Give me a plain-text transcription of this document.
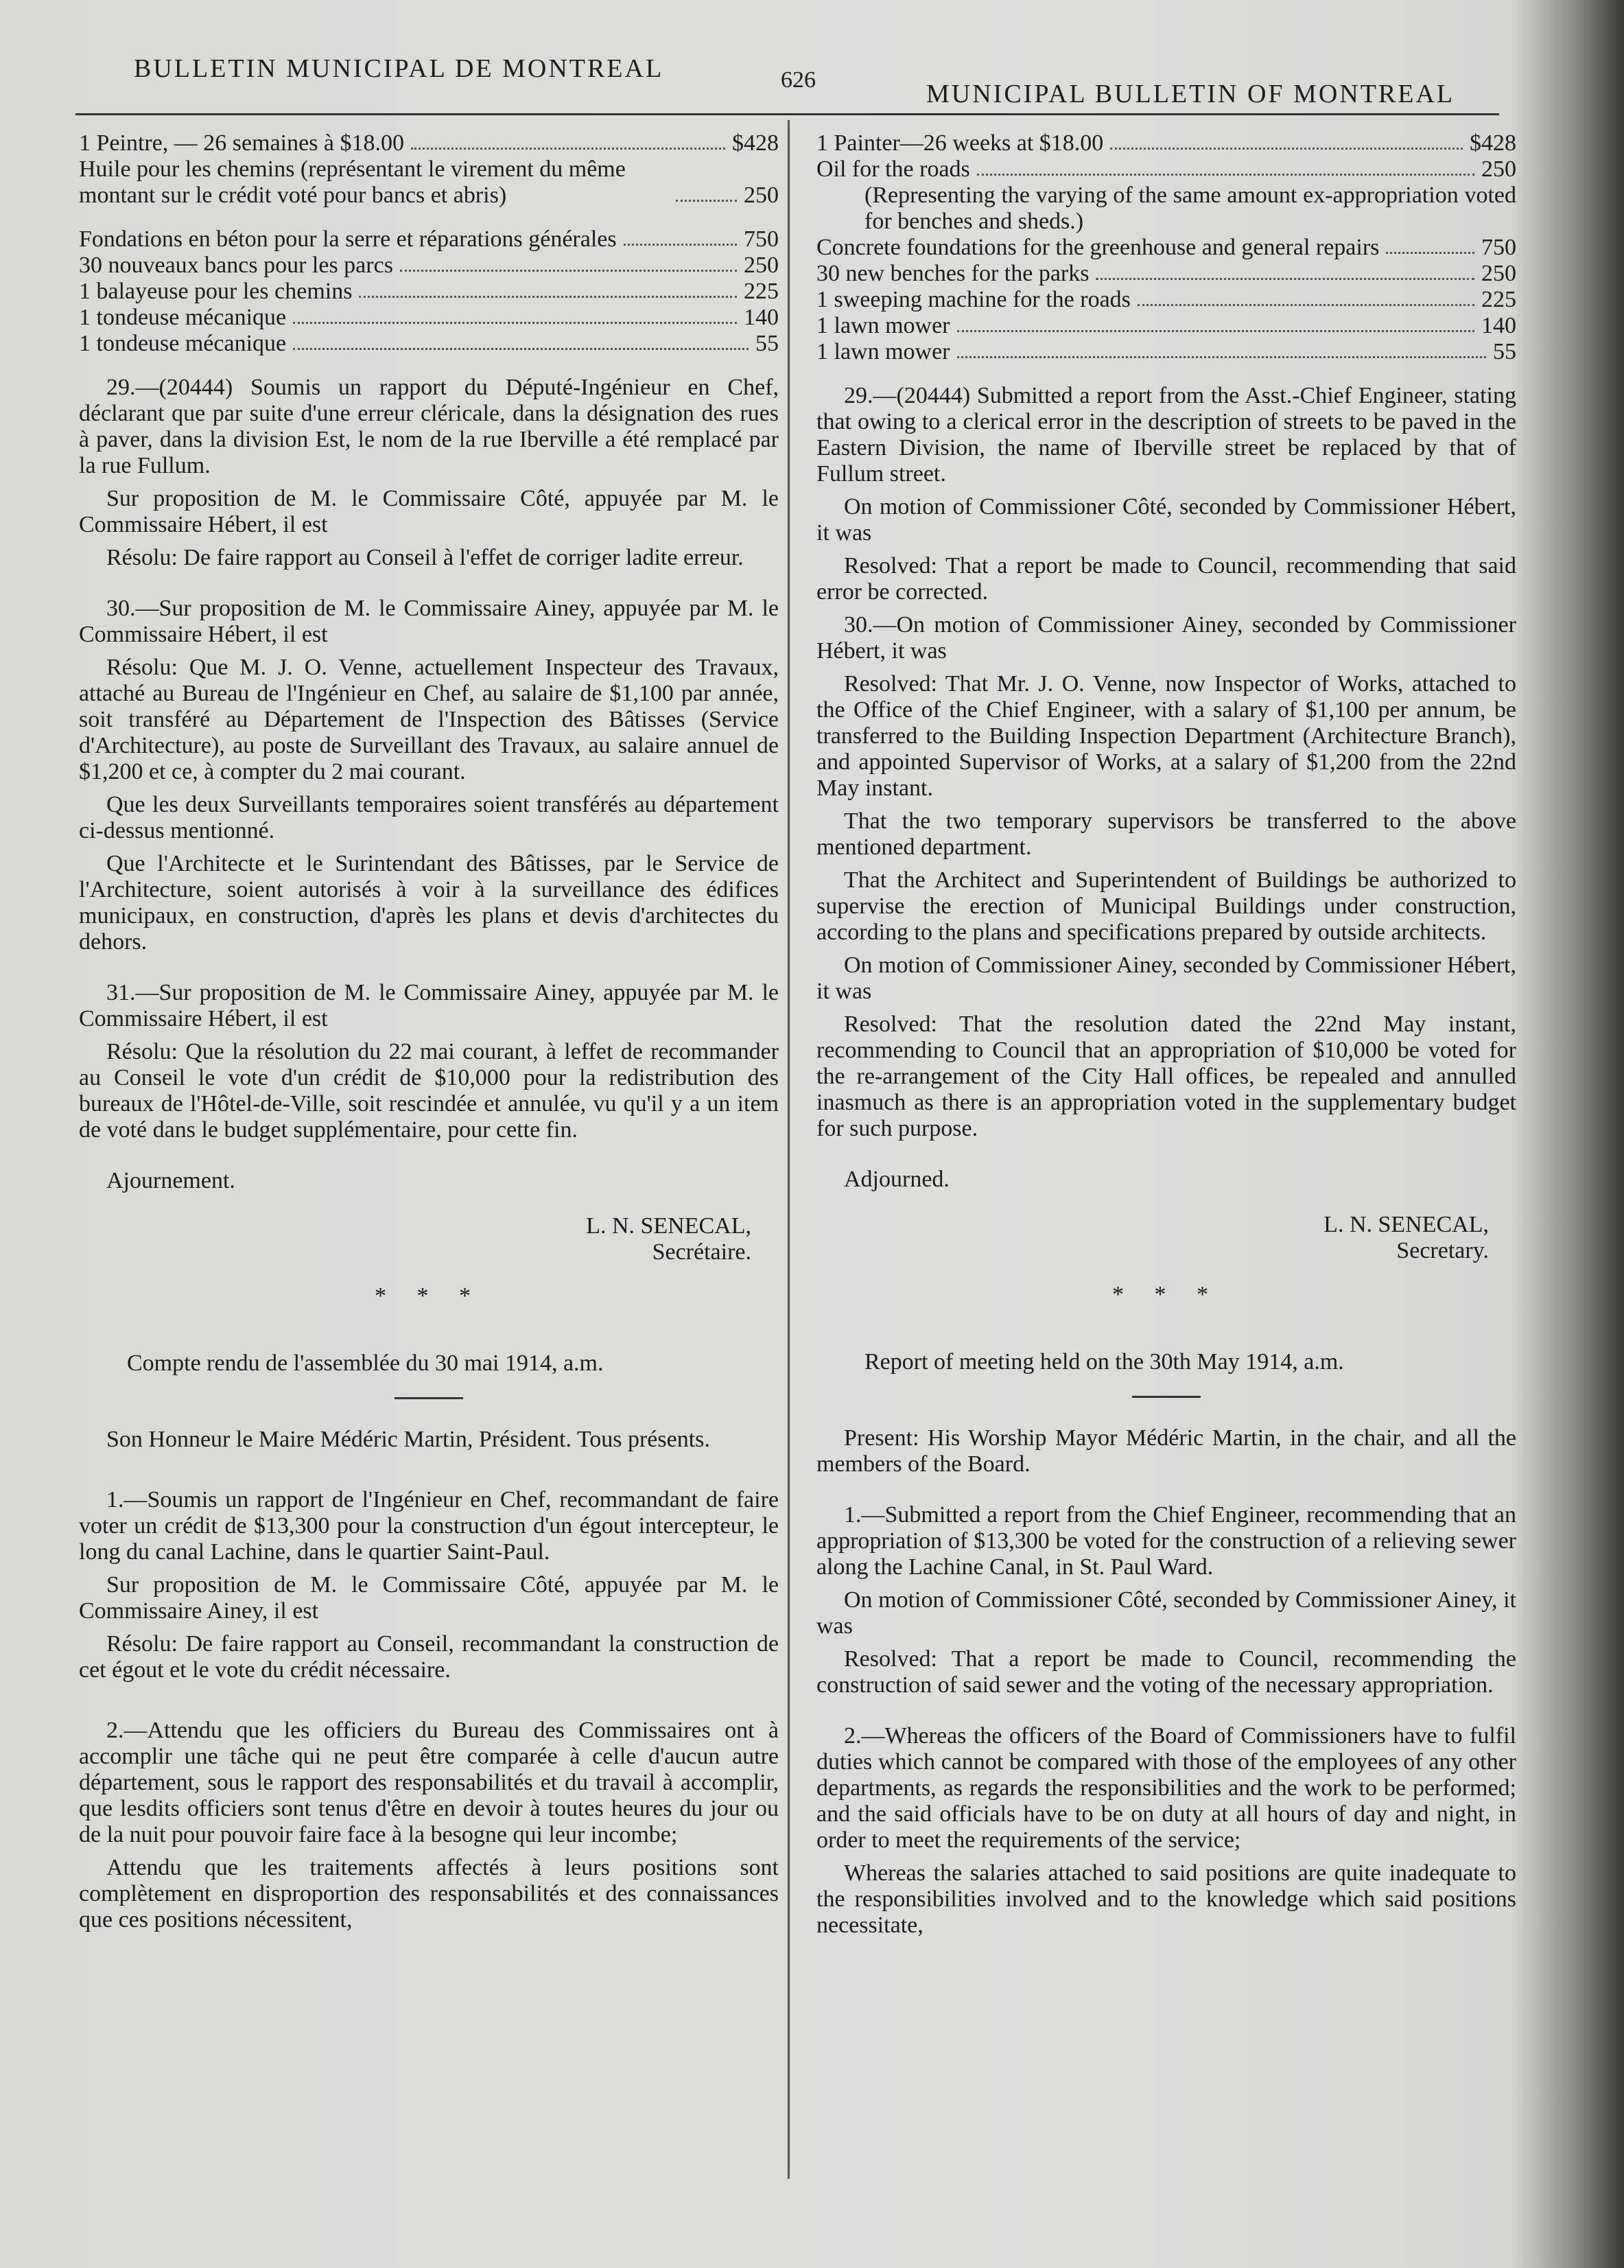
BULLETIN MUNICIPAL DE MONTREAL	626	MUNICIPAL BULLETIN OF MONTREAL
1 Peintre, — 26 semaines à $18.00	$428
Huile pour les chemins (représentant le virement du même montant sur le crédit voté pour bancs et abris)	250
Fondations en béton pour la serre et réparations générales	750
30 nouveaux bancs pour les parcs	250
1 balayeuse pour les chemins	225
1 tondeuse mécanique	140
1 tondeuse mécanique	55

29.—(20444) Soumis un rapport du Député-Ingénieur en Chef, déclarant que par suite d'une erreur cléricale, dans la désignation des rues à paver, dans la division Est, le nom de la rue Iberville a été remplacé par la rue Fullum.

Sur proposition de M. le Commissaire Côté, appuyée par M. le Commissaire Hébert, il est

Résolu: De faire rapport au Conseil à l'effet de corriger ladite erreur.

30.—Sur proposition de M. le Commissaire Ainey, appuyée par M. le Commissaire Hébert, il est

Résolu: Que M. J. O. Venne, actuellement Inspecteur des Travaux, attaché au Bureau de l'Ingénieur en Chef, au salaire de $1,100 par année, soit transféré au Département de l'Inspection des Bâtisses (Service d'Architecture), au poste de Surveillant des Travaux, au salaire annuel de $1,200 et ce, à compter du 2 mai courant.

Que les deux Surveillants temporaires soient transférés au département ci-dessus mentionné.

Que l'Architecte et le Surintendant des Bâtisses, par le Service de l'Architecture, soient autorisés à voir à la surveillance des édifices municipaux, en construction, d'après les plans et devis d'architectes du dehors.

31.—Sur proposition de M. le Commissaire Ainey, appuyée par M. le Commissaire Hébert, il est

Résolu: Que la résolution du 22 mai courant, à leffet de recommander au Conseil le vote d'un crédit de $10,000 pour la redistribution des bureaux de l'Hôtel-de-Ville, soit rescindée et annulée, vu qu'il y a un item de voté dans le budget supplémentaire, pour cette fin.

Ajournement.

L. N. SENECAL,

Secrétaire.

* * *

Compte rendu de l'assemblée du 30 mai 1914, a.m.

Son Honneur le Maire Médéric Martin, Président. Tous présents.

1.—Soumis un rapport de l'Ingénieur en Chef, recommandant de faire voter un crédit de $13,300 pour la construction d'un égout intercepteur, le long du canal Lachine, dans le quartier Saint-Paul.

Sur proposition de M. le Commissaire Côté, appuyée par M. le Commissaire Ainey, il est

Résolu: De faire rapport au Conseil, recommandant la construction de cet égout et le vote du crédit nécessaire.

2.—Attendu que les officiers du Bureau des Commissaires ont à accomplir une tâche qui ne peut être comparée à celle d'aucun autre département, sous le rapport des responsabilités et du travail à accomplir, que lesdits officiers sont tenus d'être en devoir à toutes heures du jour ou de la nuit pour pouvoir faire face à la besogne qui leur incombe;

Attendu que les traitements affectés à leurs positions sont complètement en disproportion des responsabilités et des connaissances que ces positions nécessitent,

1 Painter—26 weeks at $18.00	$428
Oil for the roads	250

(Representing the varying of the same amount ex-appropriation voted for benches and sheds.)

Concrete foundations for the greenhouse and general repairs	750
30 new benches for the parks	250
1 sweeping machine for the roads	225
1 lawn mower	140
1 lawn mower	55

29.—(20444) Submitted a report from the Asst.-Chief Engineer, stating that owing to a clerical error in the description of streets to be paved in the Eastern Division, the name of Iberville street be replaced by that of Fullum street.

On motion of Commissioner Côté, seconded by Commissioner Hébert, it was

Resolved: That a report be made to Council, recommending that said error be corrected.

30.—On motion of Commissioner Ainey, seconded by Commissioner Hébert, it was

Resolved: That Mr. J. O. Venne, now Inspector of Works, attached to the Office of the Chief Engineer, with a salary of $1,100 per annum, be transferred to the Building Inspection Department (Architecture Branch), and appointed Supervisor of Works, at a salary of $1,200 from the 22nd May instant.

That the two temporary supervisors be transferred to the above mentioned department.

That the Architect and Superintendent of Buildings be authorized to supervise the erection of Municipal Buildings under construction, according to the plans and specifications prepared by outside architects.

On motion of Commissioner Ainey, seconded by Commissioner Hébert, it was

Resolved: That the resolution dated the 22nd May instant, recommending to Council that an appropriation of $10,000 be voted for the re-arrangement of the City Hall offices, be repealed and annulled inasmuch as there is an appropriation voted in the supplementary budget for such purpose.

Adjourned.

L. N. SENECAL,

Secretary.

* * *

Report of meeting held on the 30th May 1914, a.m.

Present: His Worship Mayor Médéric Martin, in the chair, and all the members of the Board.

1.—Submitted a report from the Chief Engineer, recommending that an appropriation of $13,300 be voted for the construction of a relieving sewer along the Lachine Canal, in St. Paul Ward.

On motion of Commissioner Côté, seconded by Commissioner Ainey, it was

Resolved: That a report be made to Council, recommending the construction of said sewer and the voting of the necessary appropriation.

2.—Whereas the officers of the Board of Commissioners have to fulfil duties which cannot be compared with those of the employees of any other departments, as regards the responsibilities and the work to be performed; and the said officials have to be on duty at all hours of day and night, in order to meet the requirements of the service;

Whereas the salaries attached to said positions are quite inadequate to the responsibilities involved and to the knowledge which said positions necessitate,
